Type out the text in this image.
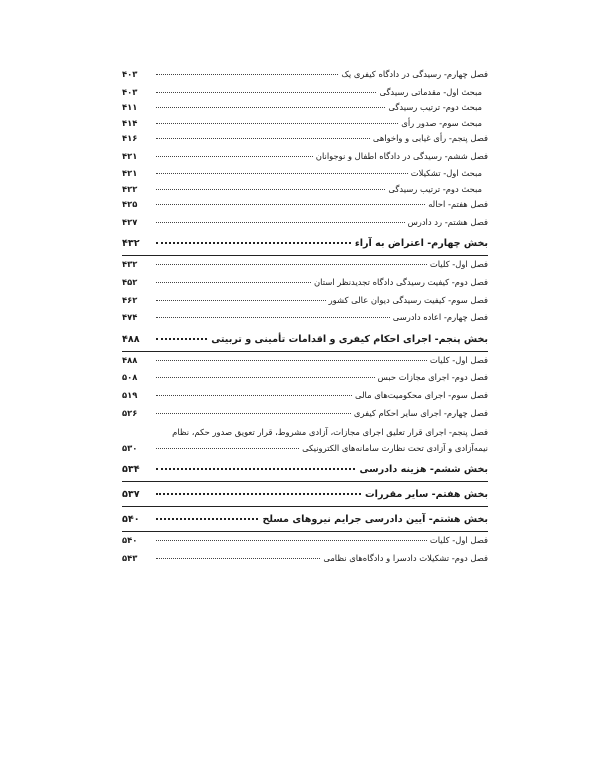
فصل چهارم- رسیدگی در دادگاه کیفری یک
۴۰۳
مبحث اول- مقدماتی رسیدگی
۴۰۳
مبحث دوم- ترتیب رسیدگی
۴۱۱
مبحث سوم- صدور رأی
۴۱۴
فصل پنجم- رأی غیابی و واخواهی
۴۱۶
فصل ششم- رسیدگی در دادگاه اطفال و نوجوانان
۴۲۱
مبحث اول- تشکیلات
۴۲۱
مبحث دوم- ترتیب رسیدگی
۴۲۲
فصل هفتم- احاله
۴۲۵
فصل هشتم- رد دادرس
۴۲۷
بخش چهارم- اعتراض به آراء
۴۳۲
فصل اول- کلیات
۴۳۲
فصل دوم- کیفیت رسیدگی دادگاه تجدیدنظر استان
۴۵۲
فصل سوم- کیفیت رسیدگی دیوان عالی کشور
۴۶۲
فصل چهارم- اعاده دادرسی
۴۷۴
بخش پنجم- اجرای احکام کیفری و اقدامات تأمینی و تربیتی
۴۸۸
فصل اول- کلیات
۴۸۸
فصل دوم- اجرای مجازات حبس
۵۰۸
فصل سوم- اجرای محکومیت‌های مالی
۵۱۹
فصل چهارم- اجرای سایر احکام کیفری
۵۲۶
فصل پنجم- اجرای قرار تعلیق اجرای مجازات، آزادی مشروط، قرار تعویق صدور حکم، نظام
نیمه‌آزادی و آزادی تحت نظارت سامانه‌های الکترونیکی
۵۳۰
بخش ششم- هزینه دادرسی
۵۳۴
بخش هفتم- سایر مقررات
۵۳۷
بخش هشتم- آیین دادرسی جرایم نیروهای مسلح
۵۴۰
فصل اول- کلیات
۵۴۰
فصل دوم- تشکیلات دادسرا و دادگاه‌های نظامی
۵۴۳
